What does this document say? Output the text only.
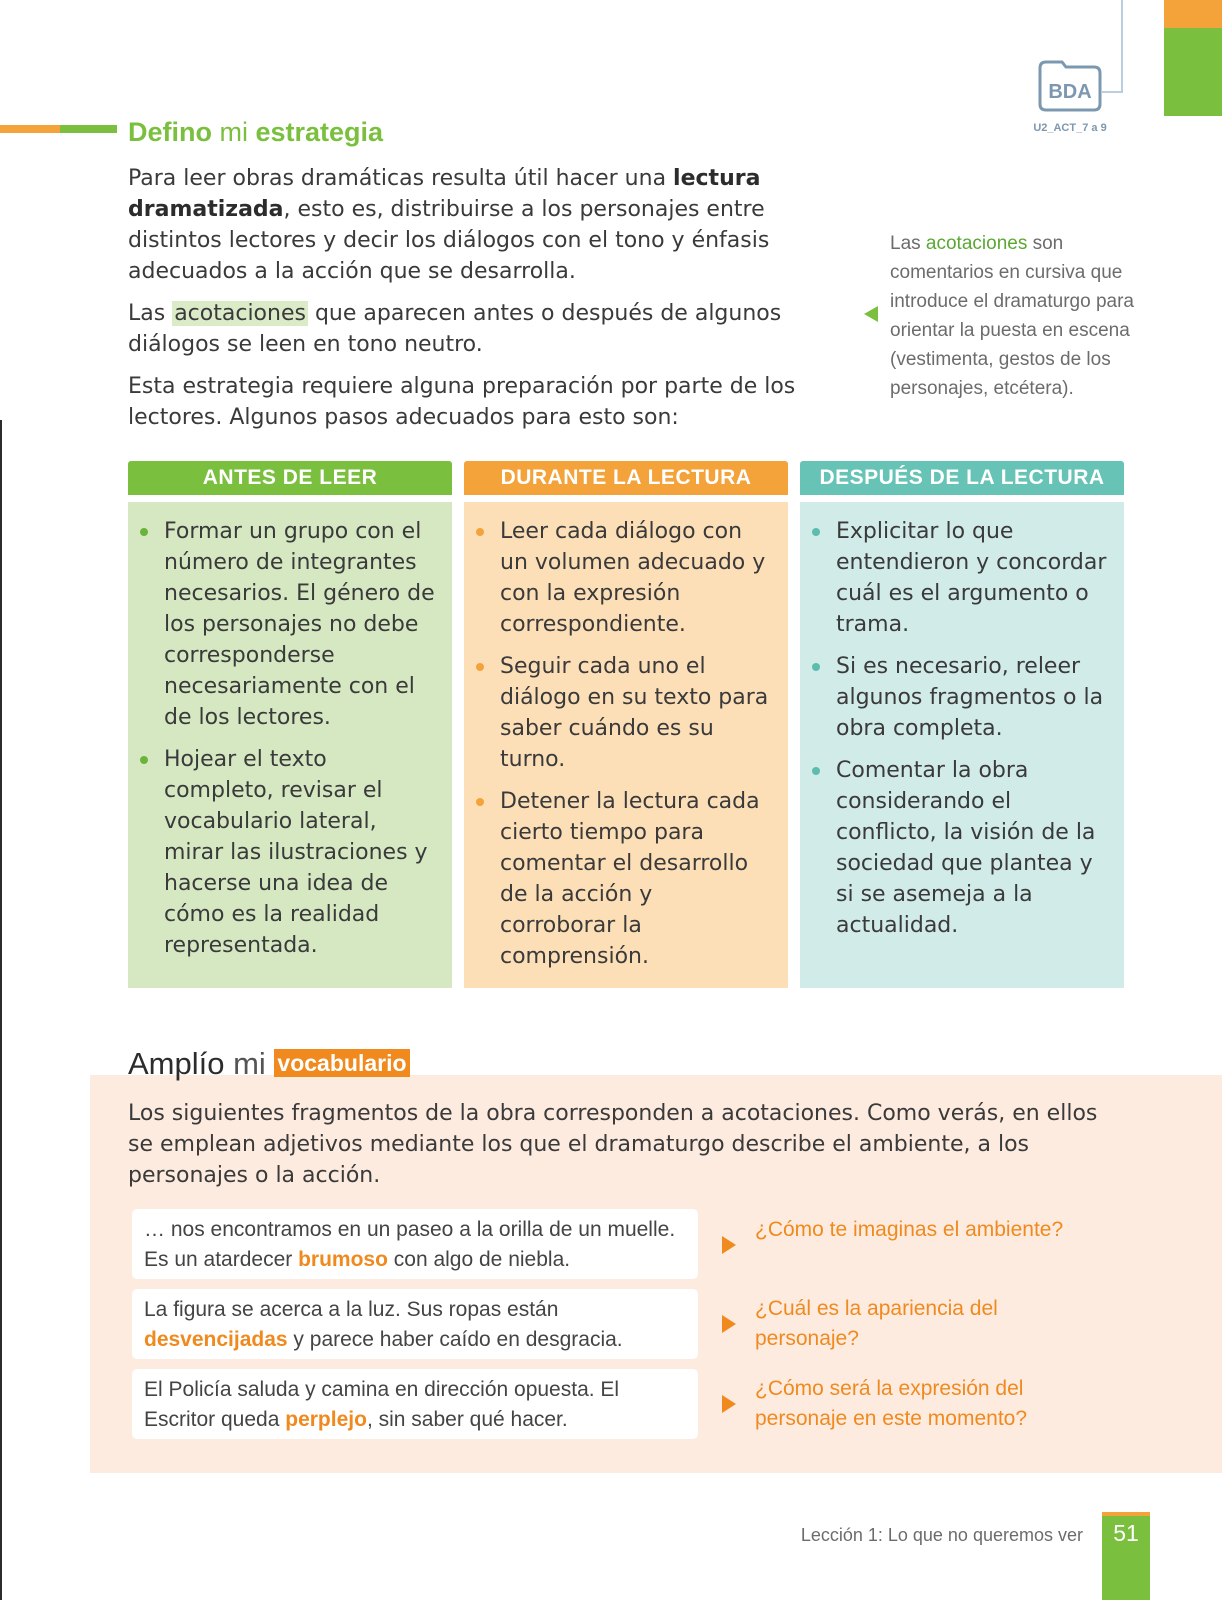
BDA
U2_ACT_7 a 9
Defino mi estrategia

Para leer obras dramáticas resulta útil hacer una lectura dramatizada, esto es, distribuirse a los personajes entre distintos lectores y decir los diálogos con el tono y énfasis adecuados a la acción que se desarrolla.

Las acotaciones que aparecen antes o después de algunos diálogos se leen en tono neutro.

Esta estrategia requiere alguna preparación por parte de los lectores. Algunos pasos adecuados para esto son:

Las acotaciones son comentarios en cursiva que introduce el dramaturgo para orientar la puesta en escena (vestimenta, gestos de los personajes, etcétera).

ANTES DE LEER
Formar un grupo con el número de integrantes necesarios. El género de los personajes no debe corresponderse necesariamente con el de los lectores.
Hojear el texto completo, revisar el vocabulario lateral, mirar las ilustraciones y hacerse una idea de cómo es la realidad representada.
DURANTE LA LECTURA
Leer cada diálogo con un volumen adecuado y con la expresión correspondiente.
Seguir cada uno el diálogo en su texto para saber cuándo es su turno.
Detener la lectura cada cierto tiempo para comentar el desarrollo de la acción y corroborar la comprensión.
DESPUÉS DE LA LECTURA
Explicitar lo que entendieron y concordar cuál es el argumento o trama.
Si es necesario, releer algunos fragmentos o la obra completa.
Comentar la obra considerando el conflicto, la visión de la sociedad que plantea y si se asemeja a la actualidad.
Amplío mi vocabulario

Los siguientes fragmentos de la obra corresponden a acotaciones. Como verás, en ellos se emplean adjetivos mediante los que el dramaturgo describe el ambiente, a los personajes o la acción.

… nos encontramos en un paseo a la orilla de un muelle. Es un atardecer brumoso con algo de niebla.
La figura se acerca a la luz. Sus ropas están desvencijadas y parece haber caído en desgracia.
El Policía saluda y camina en dirección opuesta. El Escritor queda perplejo, sin saber qué hacer.

¿Cómo te imaginas el ambiente?

¿Cuál es la apariencia del personaje?

¿Cómo será la expresión del personaje en este momento?

Lección 1: Lo que no queremos ver	51
